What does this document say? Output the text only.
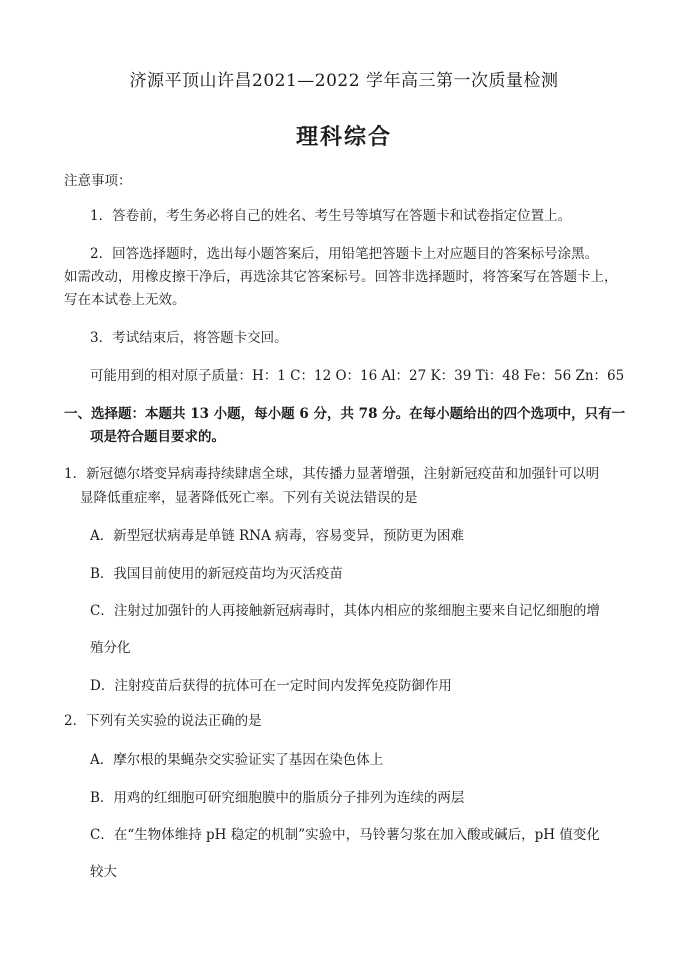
济源平顶山许昌2021—2022 学年高三第一次质量检测
理科综合
注意事项：
1．答卷前，考生务必将自己的姓名、考生号等填写在答题卡和试卷指定位置上。
2．回答选择题时，选出每小题答案后，用铅笔把答题卡上对应题目的答案标号涂黑。
如需改动，用橡皮擦干净后，再选涂其它答案标号。回答非选择题时，将答案写在答题卡上，
写在本试卷上无效。
3．考试结束后，将答题卡交回。
可能用到的相对原子质量：H：1 C：12 O：16 Al：27 K：39 Ti：48 Fe：56 Zn：65
一、选择题：本题共 13 小题，每小题 6 分，共 78 分。在每小题给出的四个选项中，只有一
项是符合题目要求的。
1．新冠德尔塔变异病毒持续肆虐全球，其传播力显著增强，注射新冠疫苗和加强针可以明
显降低重症率，显著降低死亡率。下列有关说法错误的是
A．新型冠状病毒是单链 RNA 病毒，容易变异，预防更为困难
B．我国目前使用的新冠疫苗均为灭活疫苗
C．注射过加强针的人再接触新冠病毒时，其体内相应的浆细胞主要来自记忆细胞的增
殖分化
D．注射疫苗后获得的抗体可在一定时间内发挥免疫防御作用
2．下列有关实验的说法正确的是
A．摩尔根的果蝇杂交实验证实了基因在染色体上
B．用鸡的红细胞可研究细胞膜中的脂质分子排列为连续的两层
C．在“生物体维持 pH 稳定的机制”实验中，马铃薯匀浆在加入酸或碱后，pH 值变化
较大
